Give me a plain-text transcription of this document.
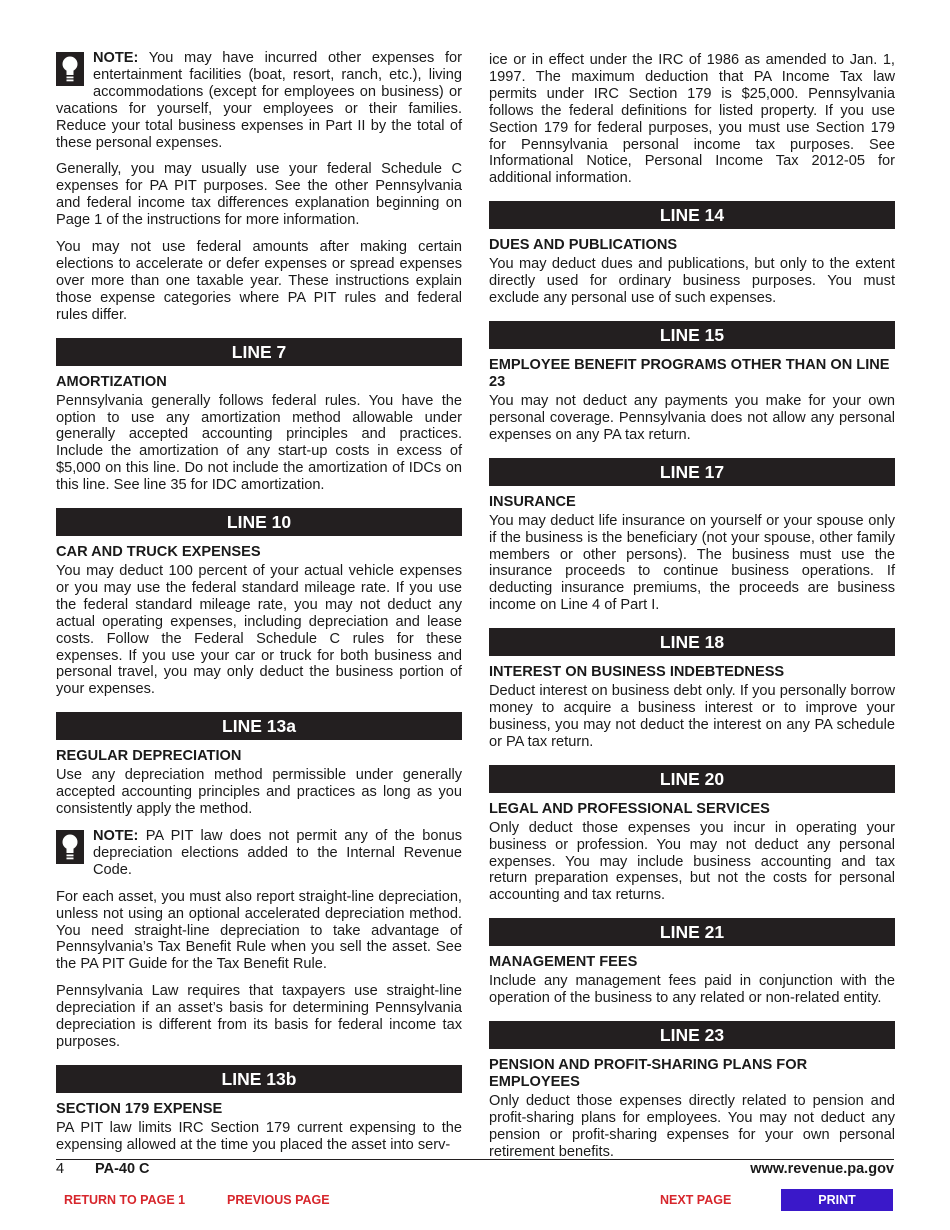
NOTE: You may have incurred other expenses for entertainment facilities (boat, resort, ranch, etc.), living accommodations (except for employees on business) or vacations for yourself, your employees or their families. Reduce your total business expenses in Part II by the total of these personal expenses.

Generally, you may usually use your federal Schedule C expenses for PA PIT purposes. See the other Pennsylvania and federal income tax differences explanation beginning on Page 1 of the instructions for more information.

You may not use federal amounts after making certain elections to accelerate or defer expenses or spread expenses over more than one taxable year. These instructions explain those expense categories where PA PIT rules and federal rules differ.

LINE 7
AMORTIZATION

Pennsylvania generally follows federal rules. You have the option to use any amortization method allowable under generally accepted accounting principles and practices. Include the amortization of any start-up costs in excess of $5,000 on this line. Do not include the amortization of IDCs on this line. See line 35 for IDC amortization.

LINE 10
CAR AND TRUCK EXPENSES

You may deduct 100 percent of your actual vehicle expenses or you may use the federal standard mileage rate. If you use the federal standard mileage rate, you may not deduct any actual operating expenses, including depreciation and lease costs. Follow the Federal Schedule C rules for these expenses. If you use your car or truck for both business and personal travel, you may only deduct the business portion of your expenses.

LINE 13a
REGULAR DEPRECIATION

Use any depreciation method permissible under generally accepted accounting principles and practices as long as you consistently apply the method.

NOTE: PA PIT law does not permit any of the bonus depreciation elections added to the Internal Revenue Code.

For each asset, you must also report straight-line depreciation, unless not using an optional accelerated depreciation method. You need straight-line depreciation to take advantage of Pennsylvania’s Tax Benefit Rule when you sell the asset. See the PA PIT Guide for the Tax Benefit Rule.

Pennsylvania Law requires that taxpayers use straight-line depreciation if an asset’s basis for determining Pennsylvania depreciation is different from its basis for federal income tax purposes.

LINE 13b
SECTION 179 EXPENSE

PA PIT law limits IRC Section 179 current expensing to the expensing allowed at the time you placed the asset into serv-

ice or in effect under the IRC of 1986 as amended to Jan. 1, 1997. The maximum deduction that PA Income Tax law permits under IRC Section 179 is $25,000. Pennsylvania follows the federal definitions for listed property. If you use Section 179 for federal purposes, you must use Section 179 for Pennsylvania personal income tax purposes. See Informational Notice, Personal Income Tax 2012-05 for additional information.

LINE 14
DUES AND PUBLICATIONS

You may deduct dues and publications, but only to the extent directly used for ordinary business purposes. You must exclude any personal use of such expenses.

LINE 15
EMPLOYEE BENEFIT PROGRAMS OTHER THAN ON LINE 23

You may not deduct any payments you make for your own personal coverage. Pennsylvania does not allow any personal expenses on any PA tax return.

LINE 17
INSURANCE

You may deduct life insurance on yourself or your spouse only if the business is the beneficiary (not your spouse, other family members or other persons). The business must use the insurance proceeds to continue business operations. If deducting insurance premiums, the proceeds are business income on Line 4 of Part I.

LINE 18
INTEREST ON BUSINESS INDEBTEDNESS

Deduct interest on business debt only. If you personally borrow money to acquire a business interest or to improve your business, you may not deduct the interest on any PA schedule or PA tax return.

LINE 20
LEGAL AND PROFESSIONAL SERVICES

Only deduct those expenses you incur in operating your business or profession. You may not deduct any personal expenses. You may include business accounting and tax return preparation expenses, but not the costs for personal accounting and tax returns.

LINE 21
MANAGEMENT FEES

Include any management fees paid in conjunction with the operation of the business to any related or non-related entity.

LINE 23
PENSION AND PROFIT-SHARING PLANS FOR EMPLOYEES

Only deduct those expenses directly related to pension and profit-sharing plans for employees. You may not deduct any pension or profit-sharing expenses for your own personal retirement benefits.

4 PA-40 C	www.revenue.pa.gov
RETURN TO PAGE 1	PREVIOUS PAGE	NEXT PAGE	PRINT
